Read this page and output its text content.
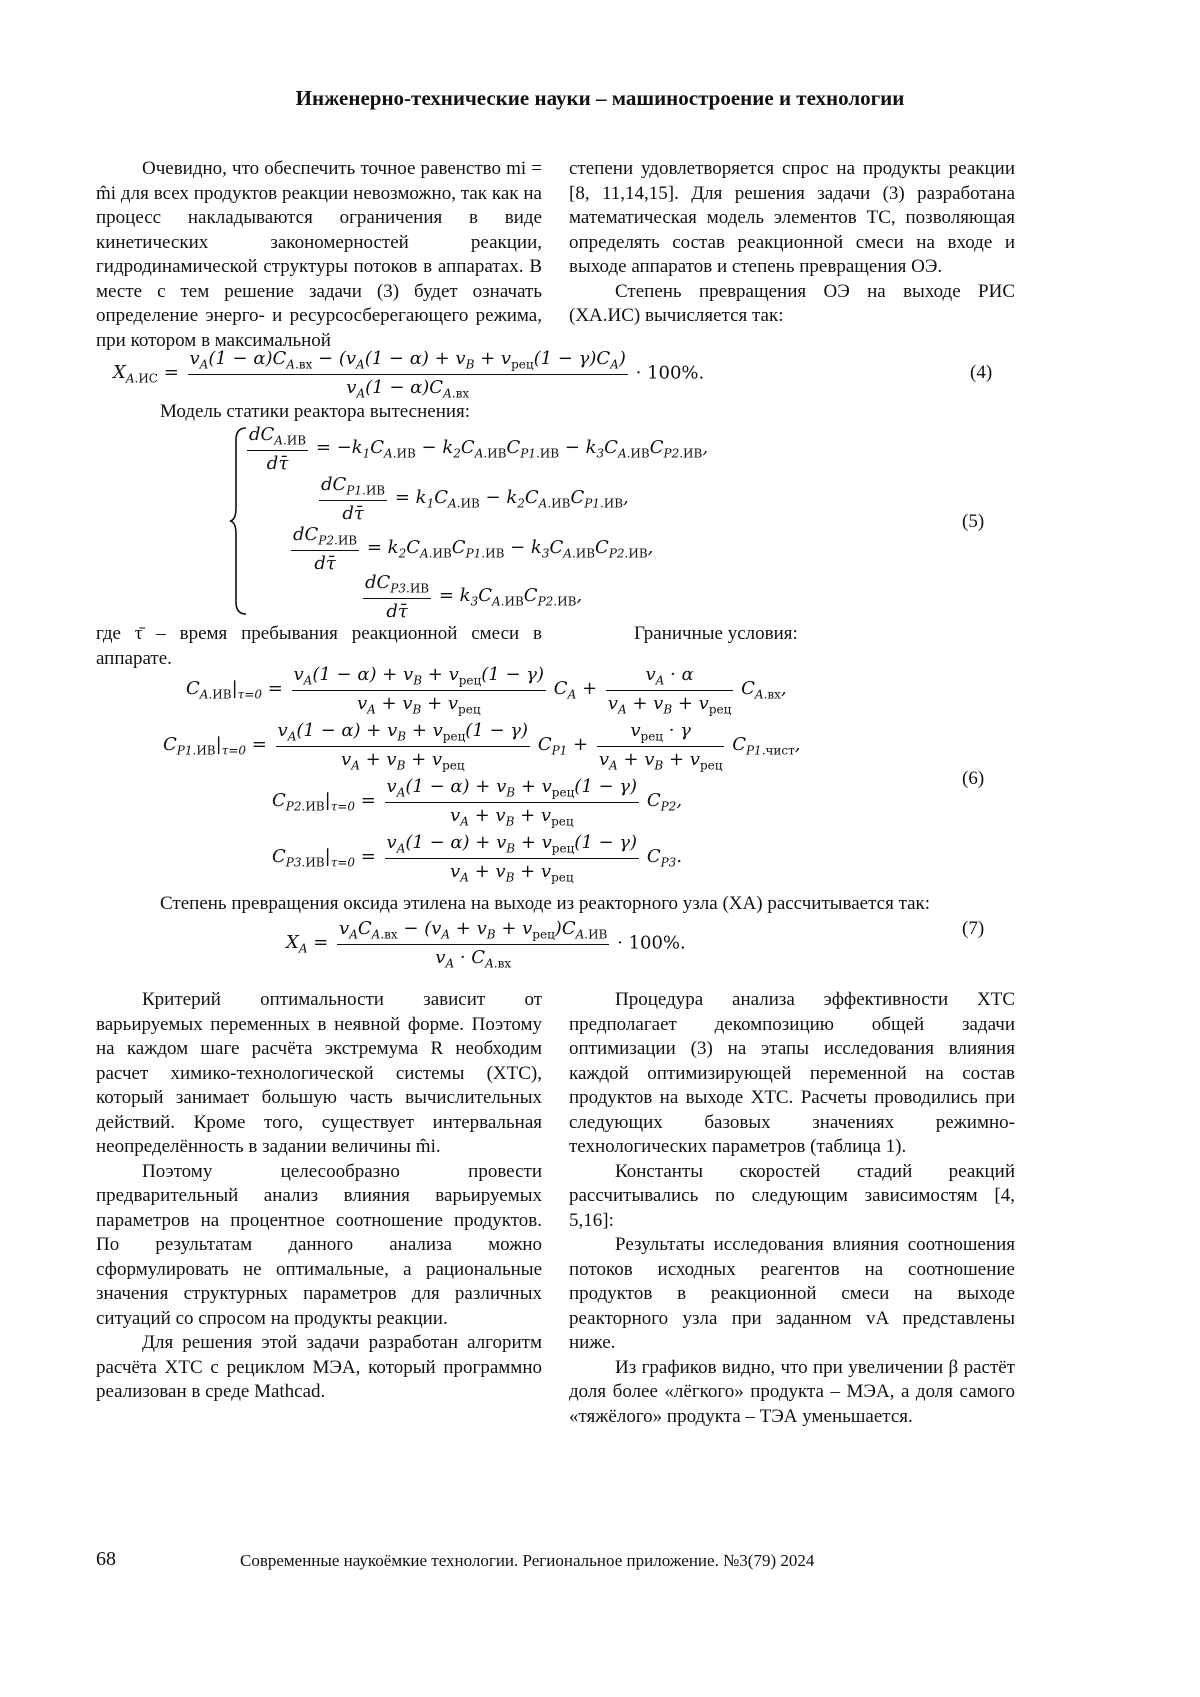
Инженерно-технические науки – машиностроение и технологии

Очевидно, что обеспечить точное равенство mi = m̂i для всех продуктов реакции невозможно, так как на процесс накладываются ограничения в виде кинетических закономерностей реакции, гидродинамической структуры потоков в аппаратах. В месте с тем решение задачи (3) будет означать определение энерго- и ресурсосберегающего режима, при котором в максимальной

степени удовлетворяется спрос на продукты реакции [8, 11,14,15]. Для решения задачи (3) разработана математическая модель элементов ТС, позволяющая определять состав реакционной смеси на входе и выходе аппаратов и степень превращения ОЭ.

Степень превращения ОЭ на выходе РИС (XА.ИС) вычисляется так:

$X_{A.ИС} = \frac{v_A(1 - \alpha)C_{A.вх} - (v_A(1 - \alpha) + v_B + v_{рец}(1 - \gamma)C_A)}{v_A(1 - \alpha)C_{A.вх}} \cdot 100\%$.	(4)

Модель статики реактора вытеснения:

$\frac{dC_{A.ИВ}}{d\taū} = -k_1C_{A.ИВ} - k_2C_{A.ИВ}C_{P1.ИВ} - k_3C_{A.ИВ}C_{P2.ИВ}$,
$\frac{dC_{P1.ИВ}}{d\taū} = k_1C_{A.ИВ} - k_2C_{A.ИВ}C_{P1.ИВ}$,
$\frac{dC_{P2.ИВ}}{d\taū} = k_2C_{A.ИВ}C_{P1.ИВ} - k_3C_{A.ИВ}C_{P2.ИВ}$,
$\frac{dC_{P3.ИВ}}{d\taū} = k_3C_{A.ИВ}C_{P2.ИВ}$,
(5)

где τ̄ – время пребывания реакционной смеси в аппарате.

Граничные условия:

$C_{A.ИВ}|_{\tau=0} = \frac{v_A(1 - \alpha) + v_B + v_{рец}(1 - \gamma)}{v_A + v_B + v_{рец}} C_A + \frac{v_A \cdot \alpha}{v_A + v_B + v_{рец}} C_{A.вх}$,
$C_{P1.ИВ}|_{\tau=0} = \frac{v_A(1 - \alpha) + v_B + v_{рец}(1 - \gamma)}{v_A + v_B + v_{рец}} C_{P1} + \frac{v_{рец} \cdot \gamma}{v_A + v_B + v_{рец}} C_{P1.чист}$,
$C_{P2.ИВ}|_{\tau=0} = \frac{v_A(1 - \alpha) + v_B + v_{рец}(1 - \gamma)}{v_A + v_B + v_{рец}} C_{P2}$,
$C_{P3.ИВ}|_{\tau=0} = \frac{v_A(1 - \alpha) + v_B + v_{рец}(1 - \gamma)}{v_A + v_B + v_{рец}} C_{P3}$.
(6)

Степень превращения оксида этилена на выходе из реакторного узла (XA) рассчитывается так:

$X_A = \frac{v_AC_{A.вх} - (v_A + v_B + v_{рец})C_{A.ИВ}}{v_A \cdot C_{A.вх}} \cdot 100\%$.
(7)

Критерий оптимальности зависит от варьируемых переменных в неявной форме. Поэтому на каждом шаге расчёта экстремума R необходим расчет химико-технологической системы (ХТС), который занимает большую часть вычислительных действий. Кроме того, существует интервальная неопределённость в задании величины m̂i.

Поэтому целесообразно провести предварительный анализ влияния варьируемых параметров на процентное соотношение продуктов. По результатам данного анализа можно сформулировать не оптимальные, а рациональные значения структурных параметров для различных ситуаций со спросом на продукты реакции.

Для решения этой задачи разработан алгоритм расчёта ХТС с рециклом МЭА, который программно реализован в среде Mathcad.

Процедура анализа эффективности ХТС предполагает декомпозицию общей задачи оптимизации (3) на этапы исследования влияния каждой оптимизирующей переменной на состав продуктов на выходе ХТС. Расчеты проводились при следующих базовых значениях режимно-технологических параметров (таблица 1).

Константы скоростей стадий реакций рассчитывались по следующим зависимостям [4, 5,16]:

Результаты исследования влияния соотношения потоков исходных реагентов на соотношение продуктов в реакционной смеси на выходе реакторного узла при заданном vA представлены ниже.

Из графиков видно, что при увеличении β растёт доля более «лёгкого» продукта – МЭА, а доля самого «тяжёлого» продукта – ТЭА уменьшается.

68	Современные наукоёмкие технологии. Региональное приложение. №3(79) 2024
